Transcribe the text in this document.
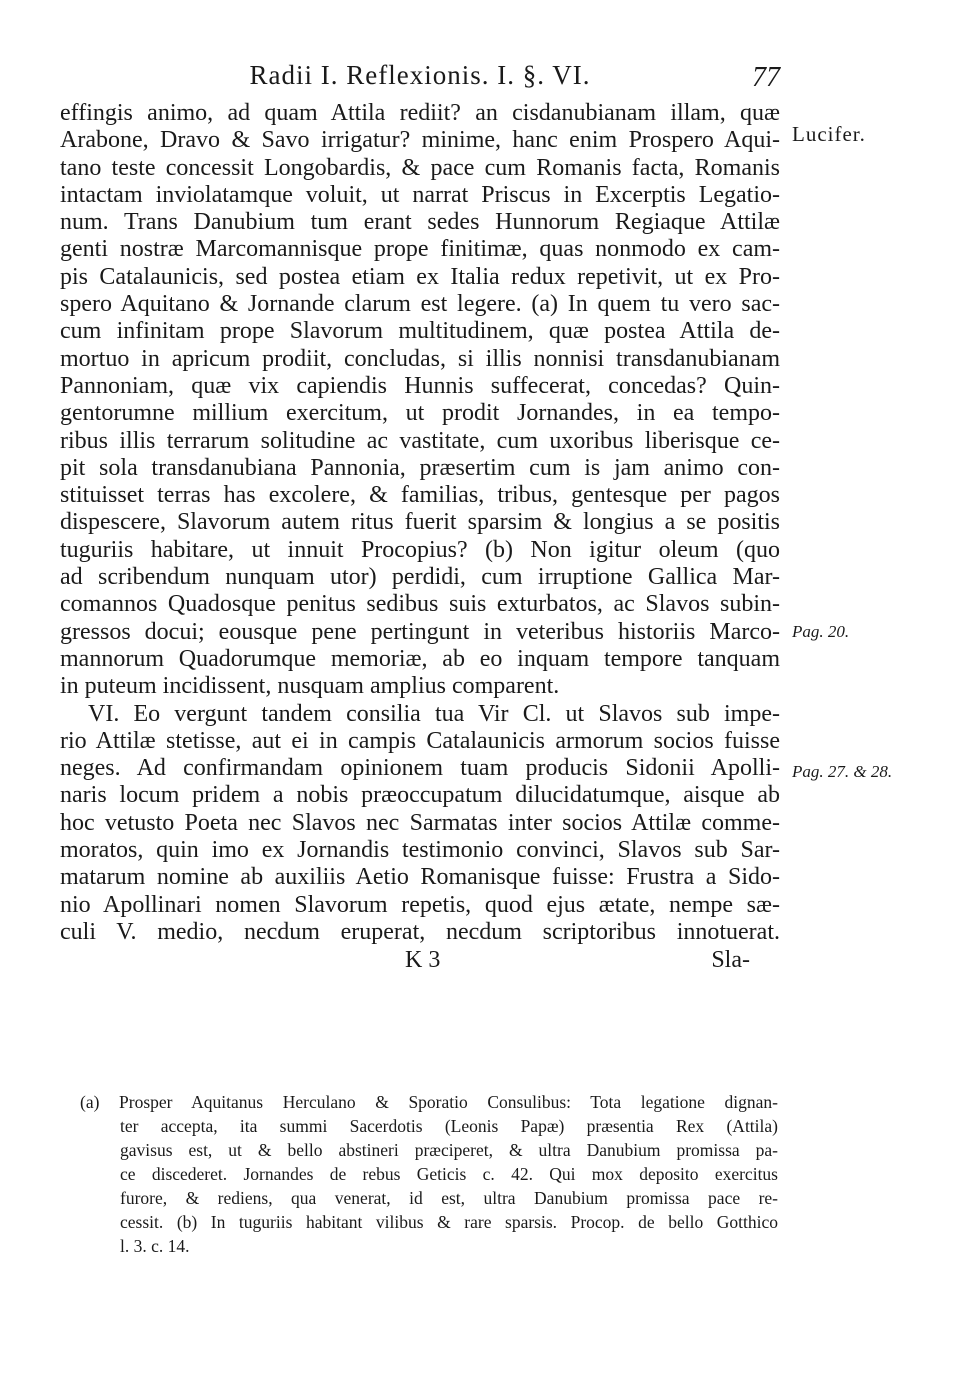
Radii I. Reflexionis. I. §. VI.	77
effingis animo, ad quam Attila rediit? an cisdanubianam illam, quæ
Arabone, Dravo & Savo irrigatur? minime, hanc enim Prospero Aqui-
tano teste concessit Longobardis, & pace cum Romanis facta, Romanis
intactam inviolatamque voluit, ut narrat Priscus in Excerptis Legatio-
num. Trans Danubium tum erant sedes Hunnorum Regiaque Attilæ
genti nostræ Marcomannisque prope finitimæ, quas nonmodo ex cam-
pis Catalaunicis, sed postea etiam ex Italia redux repetivit, ut ex Pro-
spero Aquitano & Jornande clarum est legere. (a) In quem tu vero sac-
cum infinitam prope Slavorum multitudinem, quæ postea Attila de-
mortuo in apricum prodiit, concludas, si illis nonnisi transdanubianam
Pannoniam, quæ vix capiendis Hunnis suffecerat, concedas? Quin-
gentorumne millium exercitum, ut prodit Jornandes, in ea tempo-
ribus illis terrarum solitudine ac vastitate, cum uxoribus liberisque ce-
pit sola transdanubiana Pannonia, præsertim cum is jam animo con-
stituisset terras has excolere, & familias, tribus, gentesque per pagos
dispescere, Slavorum autem ritus fuerit sparsim & longius a se positis
tuguriis habitare, ut innuit Procopius? (b) Non igitur oleum (quo
ad scribendum nunquam utor) perdidi, cum irruptione Gallica Mar-
comannos Quadosque penitus sedibus suis exturbatos, ac Slavos subin-
gressos docui; eousque pene pertingunt in veteribus historiis Marco-
mannorum Quadorumque memoriæ, ab eo inquam tempore tanquam
in puteum incidissent, nusquam amplius comparent.
VI. Eo vergunt tandem consilia tua Vir Cl. ut Slavos sub impe-
rio Attilæ stetisse, aut ei in campis Catalaunicis armorum socios fuisse
neges. Ad confirmandam opinionem tuam producis Sidonii Apolli-
naris locum pridem a nobis præoccupatum dilucidatumque, aisque ab
hoc vetusto Poeta nec Slavos nec Sarmatas inter socios Attilæ comme-
moratos, quin imo ex Jornandis testimonio convinci, Slavos sub Sar-
matarum nomine ab auxiliis Aetio Romanisque fuisse: Frustra a Sido-
nio Apollinari nomen Slavorum repetis, quod ejus ætate, nempe sæ-
culi V. medio, necdum eruperat, necdum scriptoribus innotuerat.
K 3	Sla-
Lucifer.
Pag. 20.
Pag. 27. & 28.
(a) Prosper Aquitanus Herculano & Sporatio Consulibus: Tota legatione dignan-
ter accepta, ita summi Sacerdotis (Leonis Papæ) præsentia Rex (Attila)
gavisus est, ut & bello abstineri præciperet, & ultra Danubium promissa pa-
ce discederet. Jornandes de rebus Geticis c. 42. Qui mox deposito exercitus
furore, & rediens, qua venerat, id est, ultra Danubium promissa pace re-
cessit. (b) In tuguriis habitant vilibus & rare sparsis. Procop. de bello Gotthico
l. 3. c. 14.
